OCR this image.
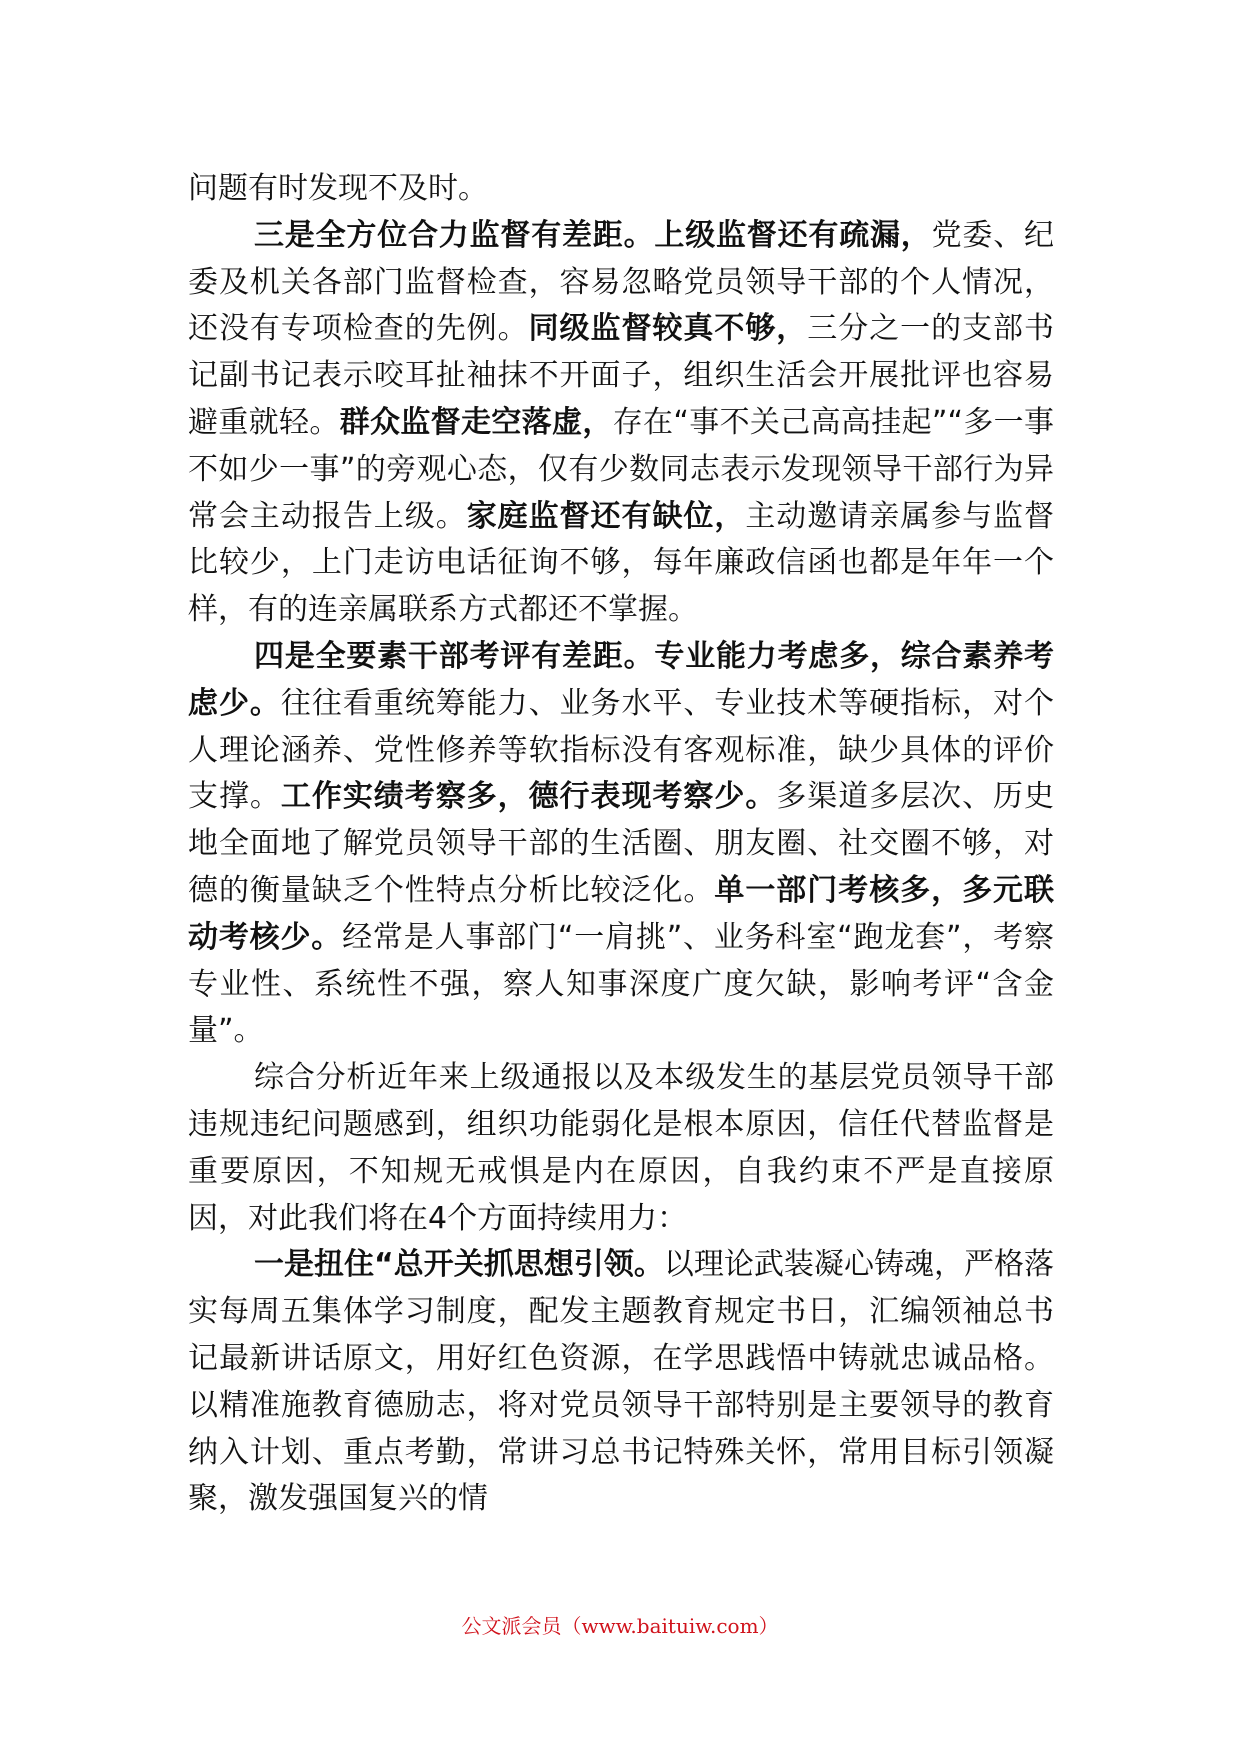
问题有时发现不及时。

三是全方位合力监督有差距。上级监督还有疏漏，党委、纪委及机关各部门监督检查，容易忽略党员领导干部的个人情况，还没有专项检查的先例。同级监督较真不够，三分之一的支部书记副书记表示咬耳扯袖抹不开面子，组织生活会开展批评也容易避重就轻。群众监督走空落虚，存在“事不关己高高挂起”“多一事不如少一事”的旁观心态，仅有少数同志表示发现领导干部行为异常会主动报告上级。家庭监督还有缺位，主动邀请亲属参与监督比较少，上门走访电话征询不够，每年廉政信函也都是年年一个样，有的连亲属联系方式都还不掌握。

四是全要素干部考评有差距。专业能力考虑多，综合素养考虑少。往往看重统筹能力、业务水平、专业技术等硬指标，对个人理论涵养、党性修养等软指标没有客观标准，缺少具体的评价支撑。工作实绩考察多，德行表现考察少。多渠道多层次、历史地全面地了解党员领导干部的生活圈、朋友圈、社交圈不够，对德的衡量缺乏个性特点分析比较泛化。单一部门考核多，多元联动考核少。经常是人事部门“一肩挑”、业务科室“跑龙套”，考察专业性、系统性不强，察人知事深度广度欠缺，影响考评“含金量”。

综合分析近年来上级通报以及本级发生的基层党员领导干部违规违纪问题感到，组织功能弱化是根本原因，信任代替监督是重要原因，不知规无戒惧是内在原因，自我约束不严是直接原因，对此我们将在4个方面持续用力：

一是扭住“总开关抓思想引领。以理论武装凝心铸魂，严格落实每周五集体学习制度，配发主题教育规定书日，汇编领袖总书记最新讲话原文，用好红色资源，在学思践悟中铸就忠诚品格。以精准施教育德励志，将对党员领导干部特别是主要领导的教育纳入计划、重点考勤，常讲习总书记特殊关怀，常用目标引领凝聚，激发强国复兴的情

公文派会员（www.baituiw.com）
